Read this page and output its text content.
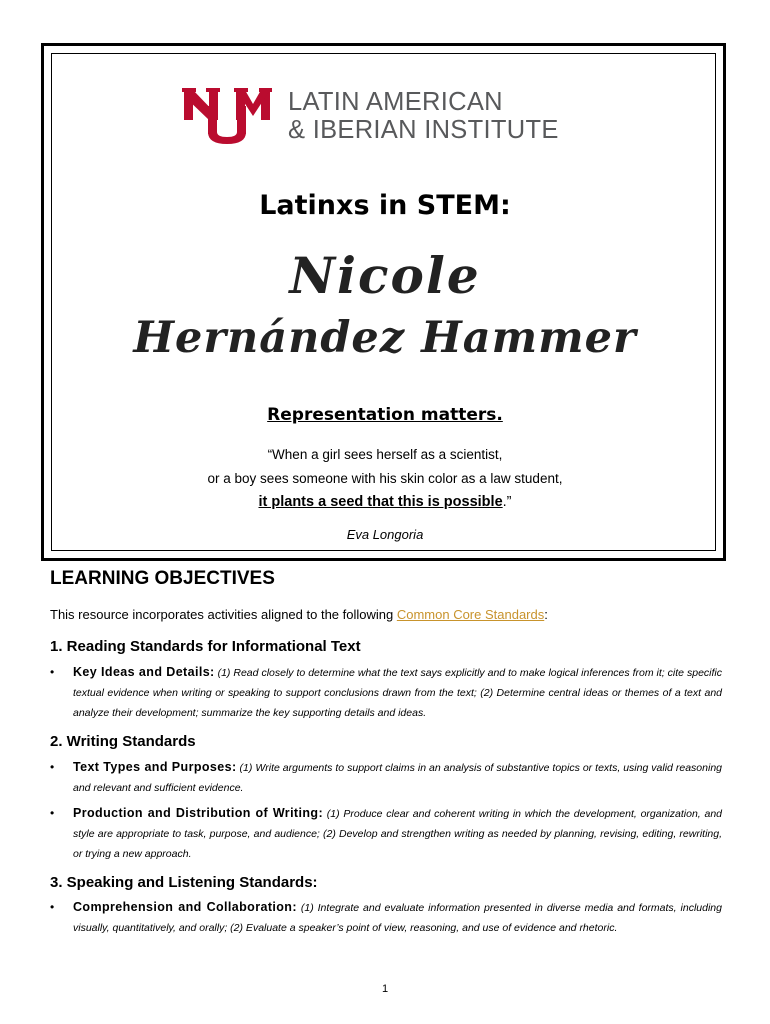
LATIN AMERICAN
& IBERIAN INSTITUTE
Latinxs in STEM:
Nicole
Hernández Hammer
Representation matters.
“When a girl sees herself as a scientist,
or a boy sees someone with his skin color as a law student,
it plants a seed that this is possible.”
Eva Longoria
LEARNING OBJECTIVES
This resource incorporates activities aligned to the following Common Core Standards:
1. Reading Standards for Informational Text
• Key Ideas and Details: (1) Read closely to determine what the text says explicitly and to make logical inferences from it; cite specific textual evidence when writing or speaking to support conclusions drawn from the text; (2) Determine central ideas or themes of a text and analyze their development; summarize the key supporting details and ideas.
2. Writing Standards
• Text Types and Purposes: (1) Write arguments to support claims in an analysis of substantive topics or texts, using valid reasoning and relevant and sufficient evidence.
• Production and Distribution of Writing: (1) Produce clear and coherent writing in which the development, organization, and style are appropriate to task, purpose, and audience; (2) Develop and strengthen writing as needed by planning, revising, editing, rewriting, or trying a new approach.
3. Speaking and Listening Standards:
• Comprehension and Collaboration: (1) Integrate and evaluate information presented in diverse media and formats, including visually, quantitatively, and orally; (2) Evaluate a speaker’s point of view, reasoning, and use of evidence and rhetoric.
1
